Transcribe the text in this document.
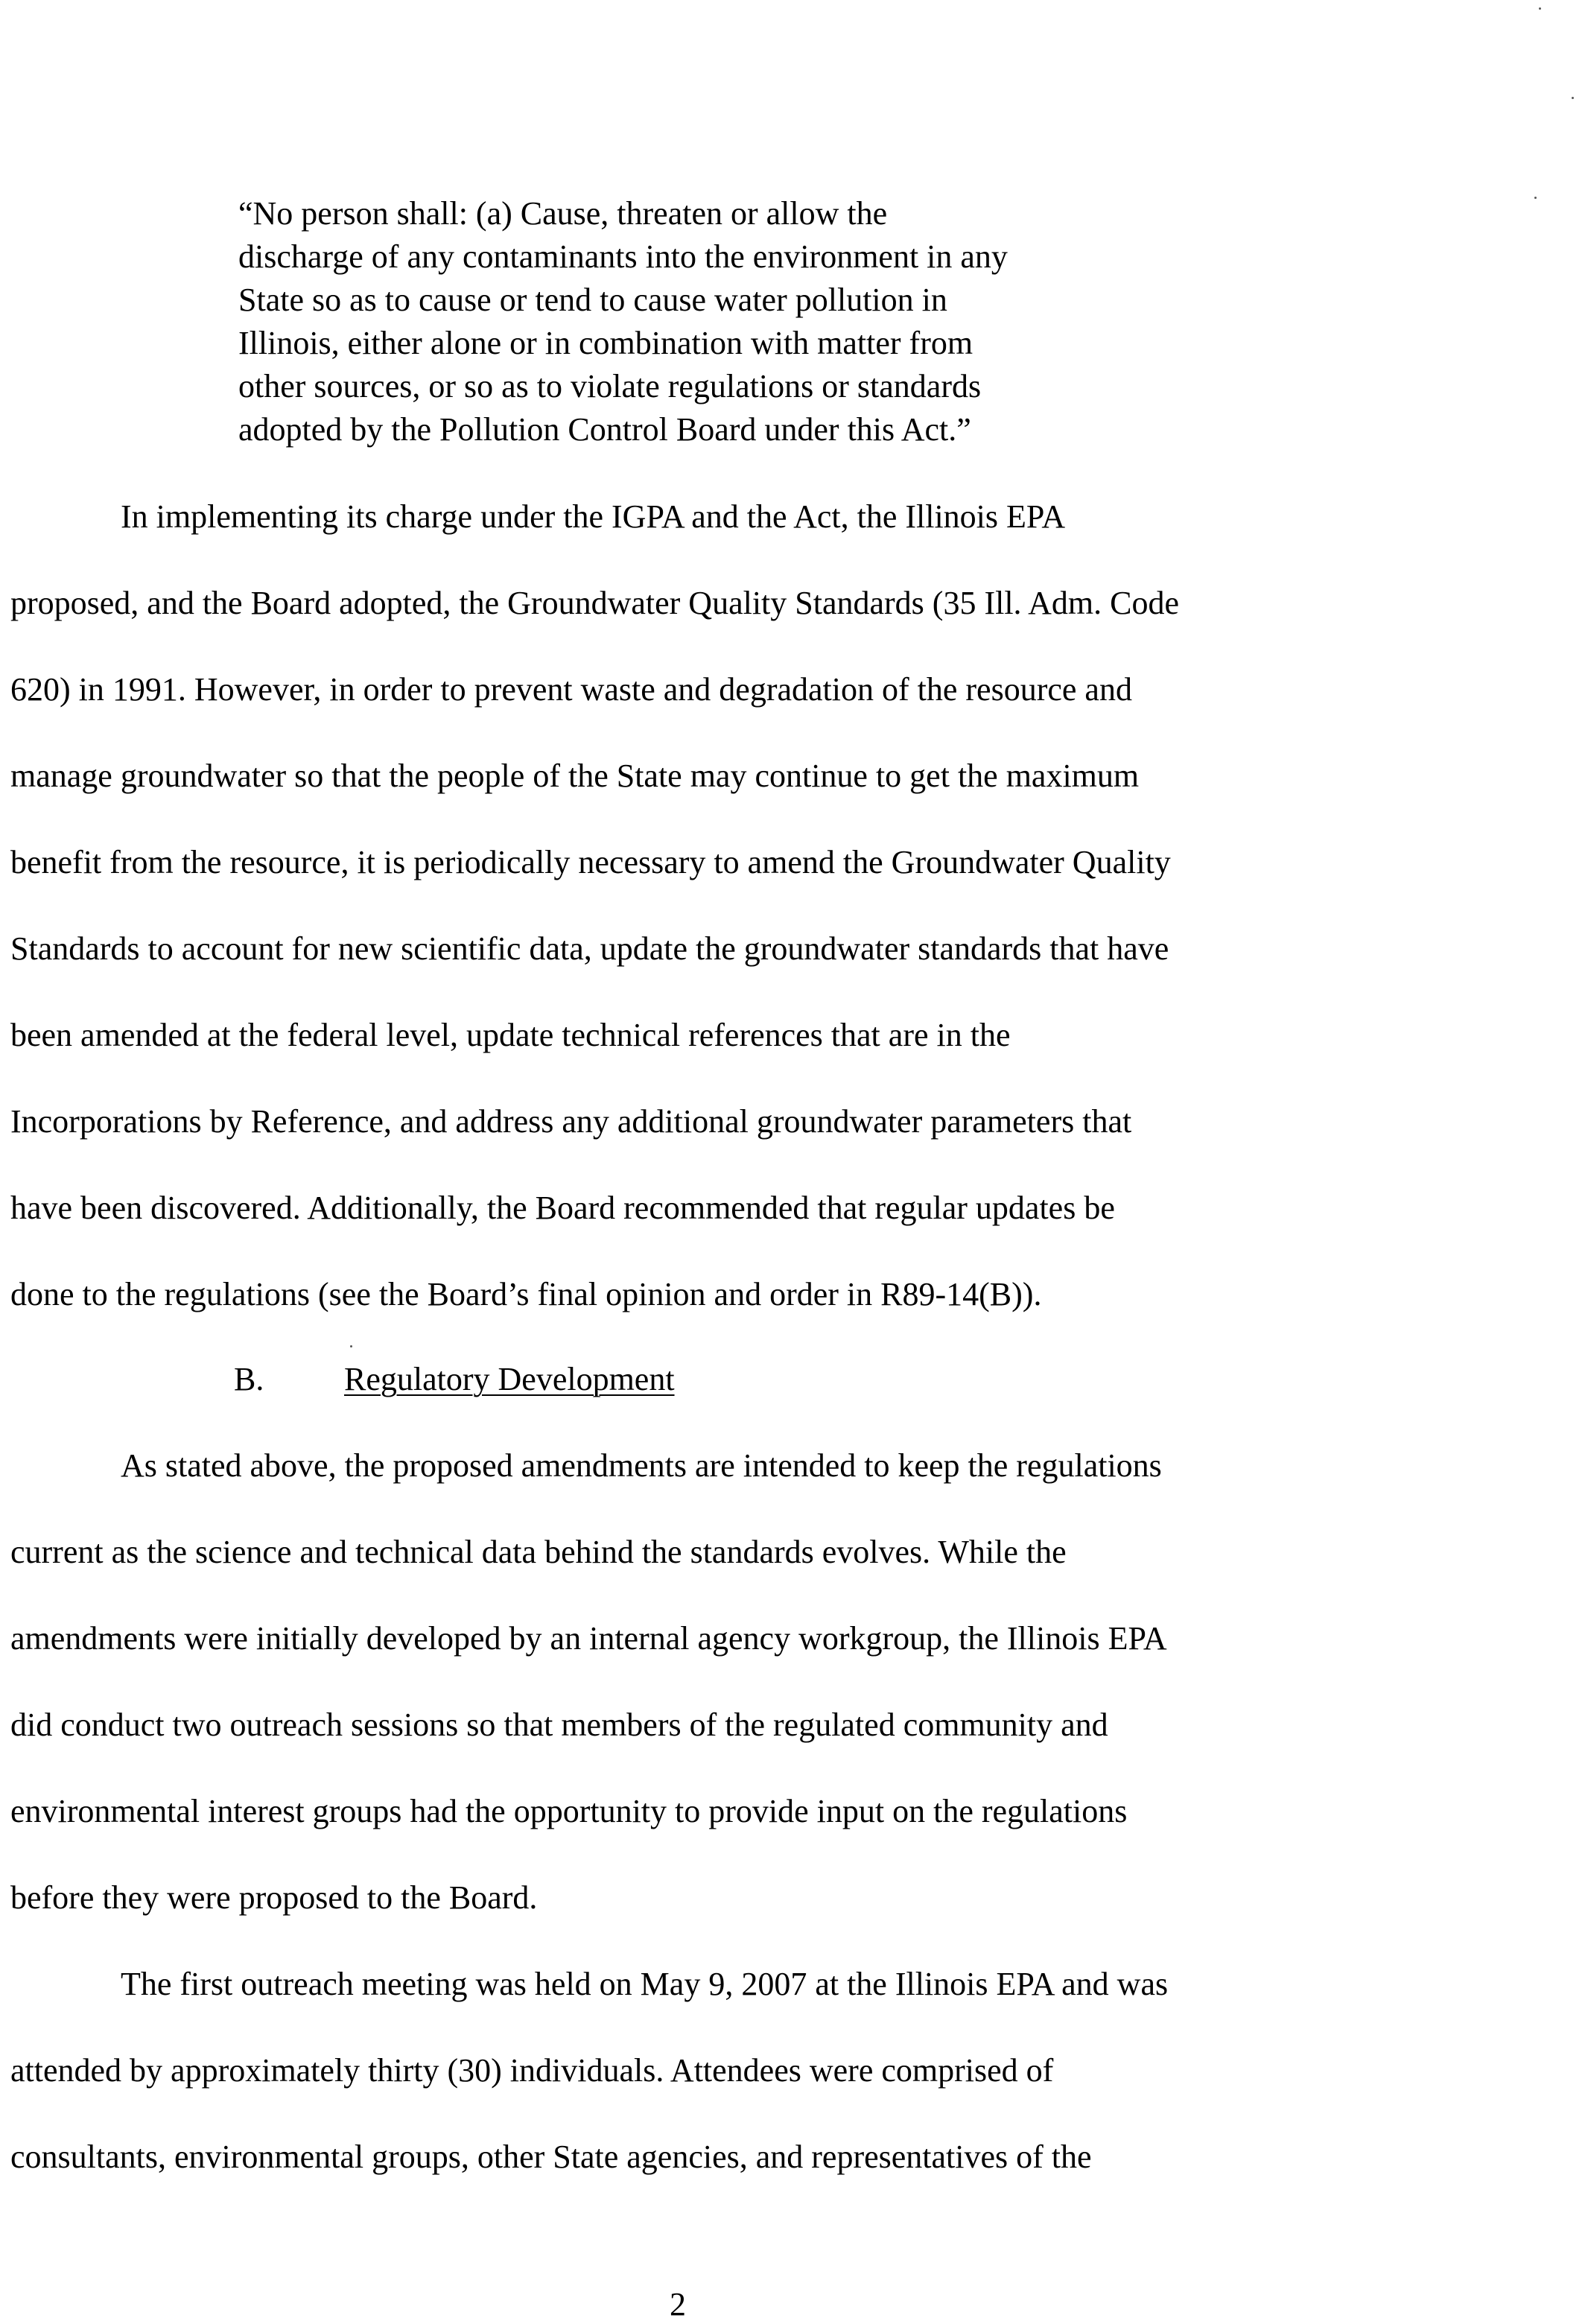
“No person shall: (a) Cause, threaten or allow the
discharge of any contaminants into the environment in any
State so as to cause or tend to cause water pollution in
Illinois, either alone or in combination with matter from
other sources, or so as to violate regulations or standards
adopted by the Pollution Control Board under this Act.”

In implementing its charge under the IGPA and the Act, the Illinois EPA

proposed, and the Board adopted, the Groundwater Quality Standards (35 Ill. Adm. Code

620) in 1991. However, in order to prevent waste and degradation of the resource and

manage groundwater so that the people of the State may continue to get the maximum

benefit from the resource, it is periodically necessary to amend the Groundwater Quality

Standards to account for new scientific data, update the groundwater standards that have

been amended at the federal level, update technical references that are in the

Incorporations by Reference, and address any additional groundwater parameters that

have been discovered. Additionally, the Board recommended that regular updates be

done to the regulations (see the Board’s final opinion and order in R89-14(B)).

B. Regulatory Development

As stated above, the proposed amendments are intended to keep the regulations

current as the science and technical data behind the standards evolves. While the

amendments were initially developed by an internal agency workgroup, the Illinois EPA

did conduct two outreach sessions so that members of the regulated community and

environmental interest groups had the opportunity to provide input on the regulations

before they were proposed to the Board.

The first outreach meeting was held on May 9, 2007 at the Illinois EPA and was

attended by approximately thirty (30) individuals. Attendees were comprised of

consultants, environmental groups, other State agencies, and representatives of the

2
